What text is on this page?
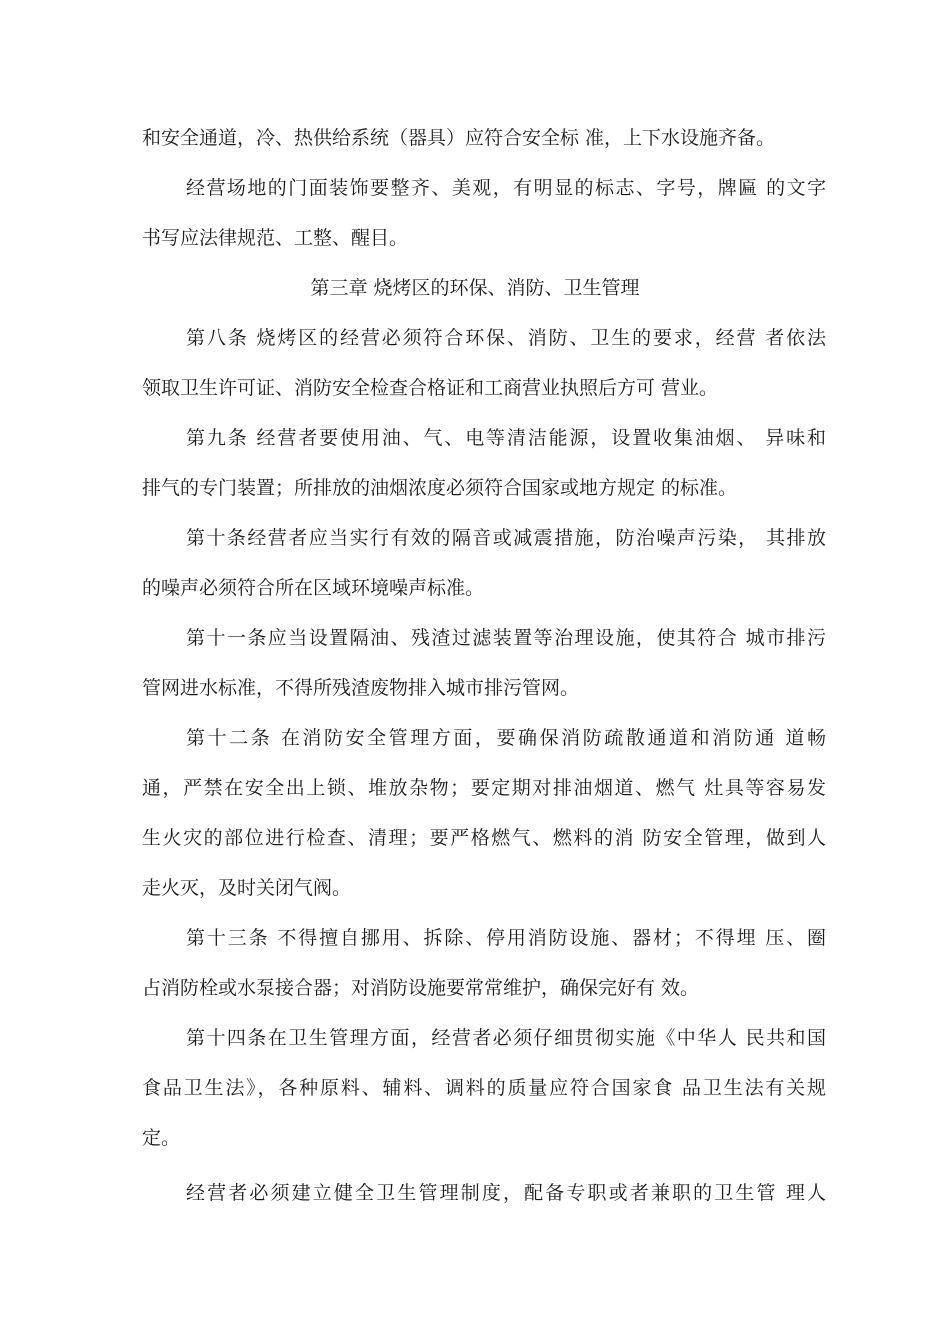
和安全通道，冷、热供给系统（器具）应符合安全标 准，上下水设施齐备。
经营场地的门面装饰要整齐、美观，有明显的标志、字号，牌匾 的文字
书写应法律规范、工整、醒目。
第三章 烧烤区的环保、消防、卫生管理
第八条 烧烤区的经营必须符合环保、消防、卫生的要求，经营 者依法
领取卫生许可证、消防安全检查合格证和工商营业执照后方可 营业。
第九条 经营者要使用油、气、电等清洁能源，设置收集油烟、 异味和
排气的专门装置；所排放的油烟浓度必须符合国家或地方规定 的标准。
第十条经营者应当实行有效的隔音或减震措施，防治噪声污染， 其排放
的噪声必须符合所在区域环境噪声标准。
第十一条应当设置隔油、残渣过滤装置等治理设施，使其符合 城市排污
管网进水标准，不得所残渣废物排入城市排污管网。
第十二条 在消防安全管理方面，要确保消防疏散通道和消防通 道畅
通，严禁在安全出上锁、堆放杂物；要定期对排油烟道、燃气 灶具等容易发
生火灾的部位进行检查、清理；要严格燃气、燃料的消 防安全管理，做到人
走火灭，及时关闭气阀。
第十三条 不得擅自挪用、拆除、停用消防设施、器材；不得埋 压、圈
占消防栓或水泵接合器；对消防设施要常常维护，确保完好有 效。
第十四条在卫生管理方面，经营者必须仔细贯彻实施《中华人 民共和国
食品卫生法》，各种原料、辅料、调料的质量应符合国家食 品卫生法有关规
定。
经营者必须建立健全卫生管理制度，配备专职或者兼职的卫生管 理人
